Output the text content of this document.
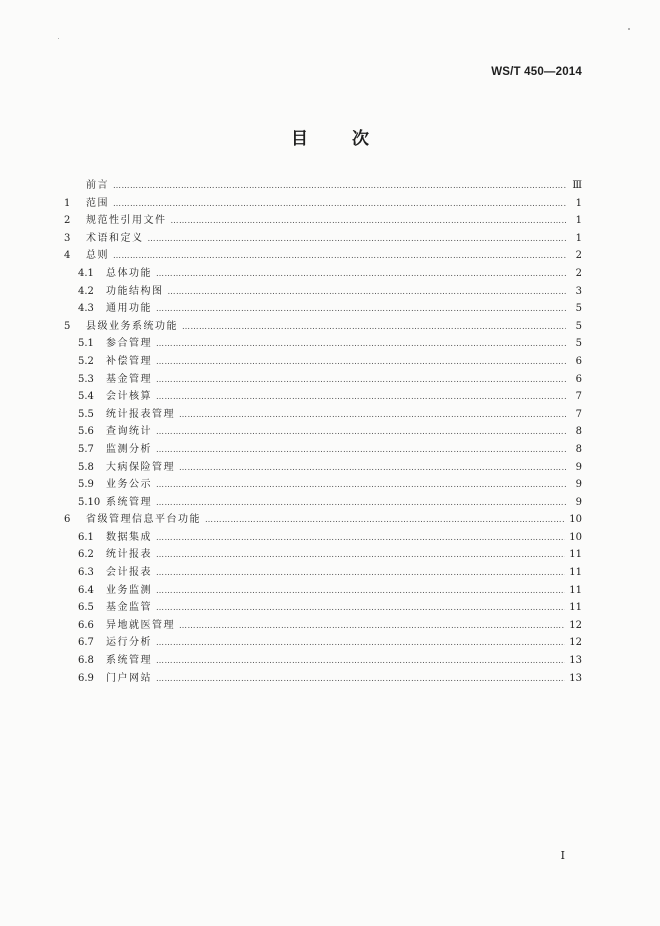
WS/T 450—2014
目	次
前言 ………………………………………………………………………………………………………………………………………………………………………………………………	Ⅲ
1	范围 ………………………………………………………………………………………………………………………………………………………………………………………………	1
2	规范性引用文件 ………………………………………………………………………………………………………………………………………………………………………………………………	1
3	术语和定义 ………………………………………………………………………………………………………………………………………………………………………………………………	1
4	总则 ………………………………………………………………………………………………………………………………………………………………………………………………	2
4.1	总体功能 ………………………………………………………………………………………………………………………………………………………………………………………………	2
4.2	功能结构图 ………………………………………………………………………………………………………………………………………………………………………………………………	3
4.3	通用功能 ………………………………………………………………………………………………………………………………………………………………………………………………	5
5	县级业务系统功能 ………………………………………………………………………………………………………………………………………………………………………………………………	5
5.1	参合管理 ………………………………………………………………………………………………………………………………………………………………………………………………	5
5.2	补偿管理 ………………………………………………………………………………………………………………………………………………………………………………………………	6
5.3	基金管理 ………………………………………………………………………………………………………………………………………………………………………………………………	6
5.4	会计核算 ………………………………………………………………………………………………………………………………………………………………………………………………	7
5.5	统计报表管理 ………………………………………………………………………………………………………………………………………………………………………………………………	7
5.6	查询统计 ………………………………………………………………………………………………………………………………………………………………………………………………	8
5.7	监测分析 ………………………………………………………………………………………………………………………………………………………………………………………………	8
5.8	大病保险管理 ………………………………………………………………………………………………………………………………………………………………………………………………	9
5.9	业务公示 ………………………………………………………………………………………………………………………………………………………………………………………………	9
5.10 系统管理 ………………………………………………………………………………………………………………………………………………………………………………………………	9
6	省级管理信息平台功能 ………………………………………………………………………………………………………………………………………………………………………………………………	10
6.1	数据集成 ………………………………………………………………………………………………………………………………………………………………………………………………	10
6.2	统计报表 ………………………………………………………………………………………………………………………………………………………………………………………………	11
6.3	会计报表 ………………………………………………………………………………………………………………………………………………………………………………………………	11
6.4	业务监测 ………………………………………………………………………………………………………………………………………………………………………………………………	11
6.5	基金监管 ………………………………………………………………………………………………………………………………………………………………………………………………	11
6.6	异地就医管理 ………………………………………………………………………………………………………………………………………………………………………………………………	12
6.7	运行分析 ………………………………………………………………………………………………………………………………………………………………………………………………	12
6.8	系统管理 ………………………………………………………………………………………………………………………………………………………………………………………………	13
6.9	门户网站 ………………………………………………………………………………………………………………………………………………………………………………………………	13
I
